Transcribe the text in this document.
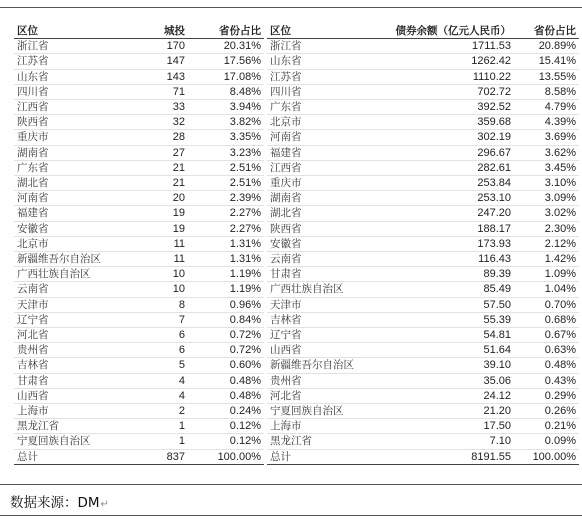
区位	城投	省份占比
浙江省	170	20.31%
江苏省	147	17.56%
山东省	143	17.08%
四川省	71	8.48%
江西省	33	3.94%
陕西省	32	3.82%
重庆市	28	3.35%
湖南省	27	3.23%
广东省	21	2.51%
湖北省	21	2.51%
河南省	20	2.39%
福建省	19	2.27%
安徽省	19	2.27%
北京市	11	1.31%
新疆维吾尔自治区	11	1.31%
广西壮族自治区	10	1.19%
云南省	10	1.19%
天津市	8	0.96%
辽宁省	7	0.84%
河北省	6	0.72%
贵州省	6	0.72%
吉林省	5	0.60%
甘肃省	4	0.48%
山西省	4	0.48%
上海市	2	0.24%
黑龙江省	1	0.12%
宁夏回族自治区	1	0.12%
总计	837	100.00%
区位	债券余额（亿元人民币）	省份占比
浙江省	1711.53	20.89%
山东省	1262.42	15.41%
江苏省	1110.22	13.55%
四川省	702.72	8.58%
广东省	392.52	4.79%
北京市	359.68	4.39%
河南省	302.19	3.69%
福建省	296.67	3.62%
江西省	282.61	3.45%
重庆市	253.84	3.10%
湖南省	253.10	3.09%
湖北省	247.20	3.02%
陕西省	188.17	2.30%
安徽省	173.93	2.12%
云南省	116.43	1.42%
甘肃省	89.39	1.09%
广西壮族自治区	85.49	1.04%
天津市	57.50	0.70%
吉林省	55.39	0.68%
辽宁省	54.81	0.67%
山西省	51.64	0.63%
新疆维吾尔自治区	39.10	0.48%
贵州省	35.06	0.43%
河北省	24.12	0.29%
宁夏回族自治区	21.20	0.26%
上海市	17.50	0.21%
黑龙江省	7.10	0.09%
总计	8191.55	100.00%
数据来源：DM↵
